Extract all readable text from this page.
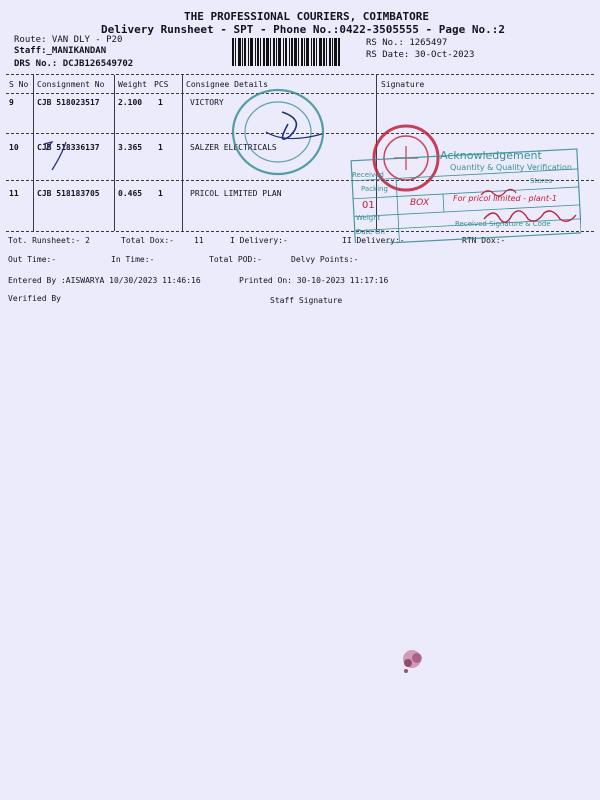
THE PROFESSIONAL COURIERS, COIMBATORE
Delivery Runsheet - SPT - Phone No.:0422-3505555 - Page No.:2
Route: VAN DLY - P20
Staff:_MANIKANDAN
DRS No.: DCJB126549702
RS No.: 1265497
RS Date: 30-Oct-2023
S No Consignment No Weight PCS Consignee Details	Signature
9	CJB 518023517 2.100 1	VICTORY
10 CJB 518336137 3.365 1	SALZER ELECTRICALS
11 CJB 518183705 0.465 1	PRICOL LIMITED PLAN
Tot. Runsheet:- 2	Total Dox:-	11	I Delivery:-	II Delivery:-	RTN Dox:-
Out Time:-	In Time:-	Total POD:-	Delvy Points:-
Entered By :AISWARYA 10/30/2023 11:46:16	Printed On: 30-10-2023 11:17:16
Verified By	Staff Signature
Acknowledgement
Quantity & Quality Verification
Received
Stores
Packing
01	BOX	For pricol limited - plant-1
Weight
Date On
Received Signature & Code
